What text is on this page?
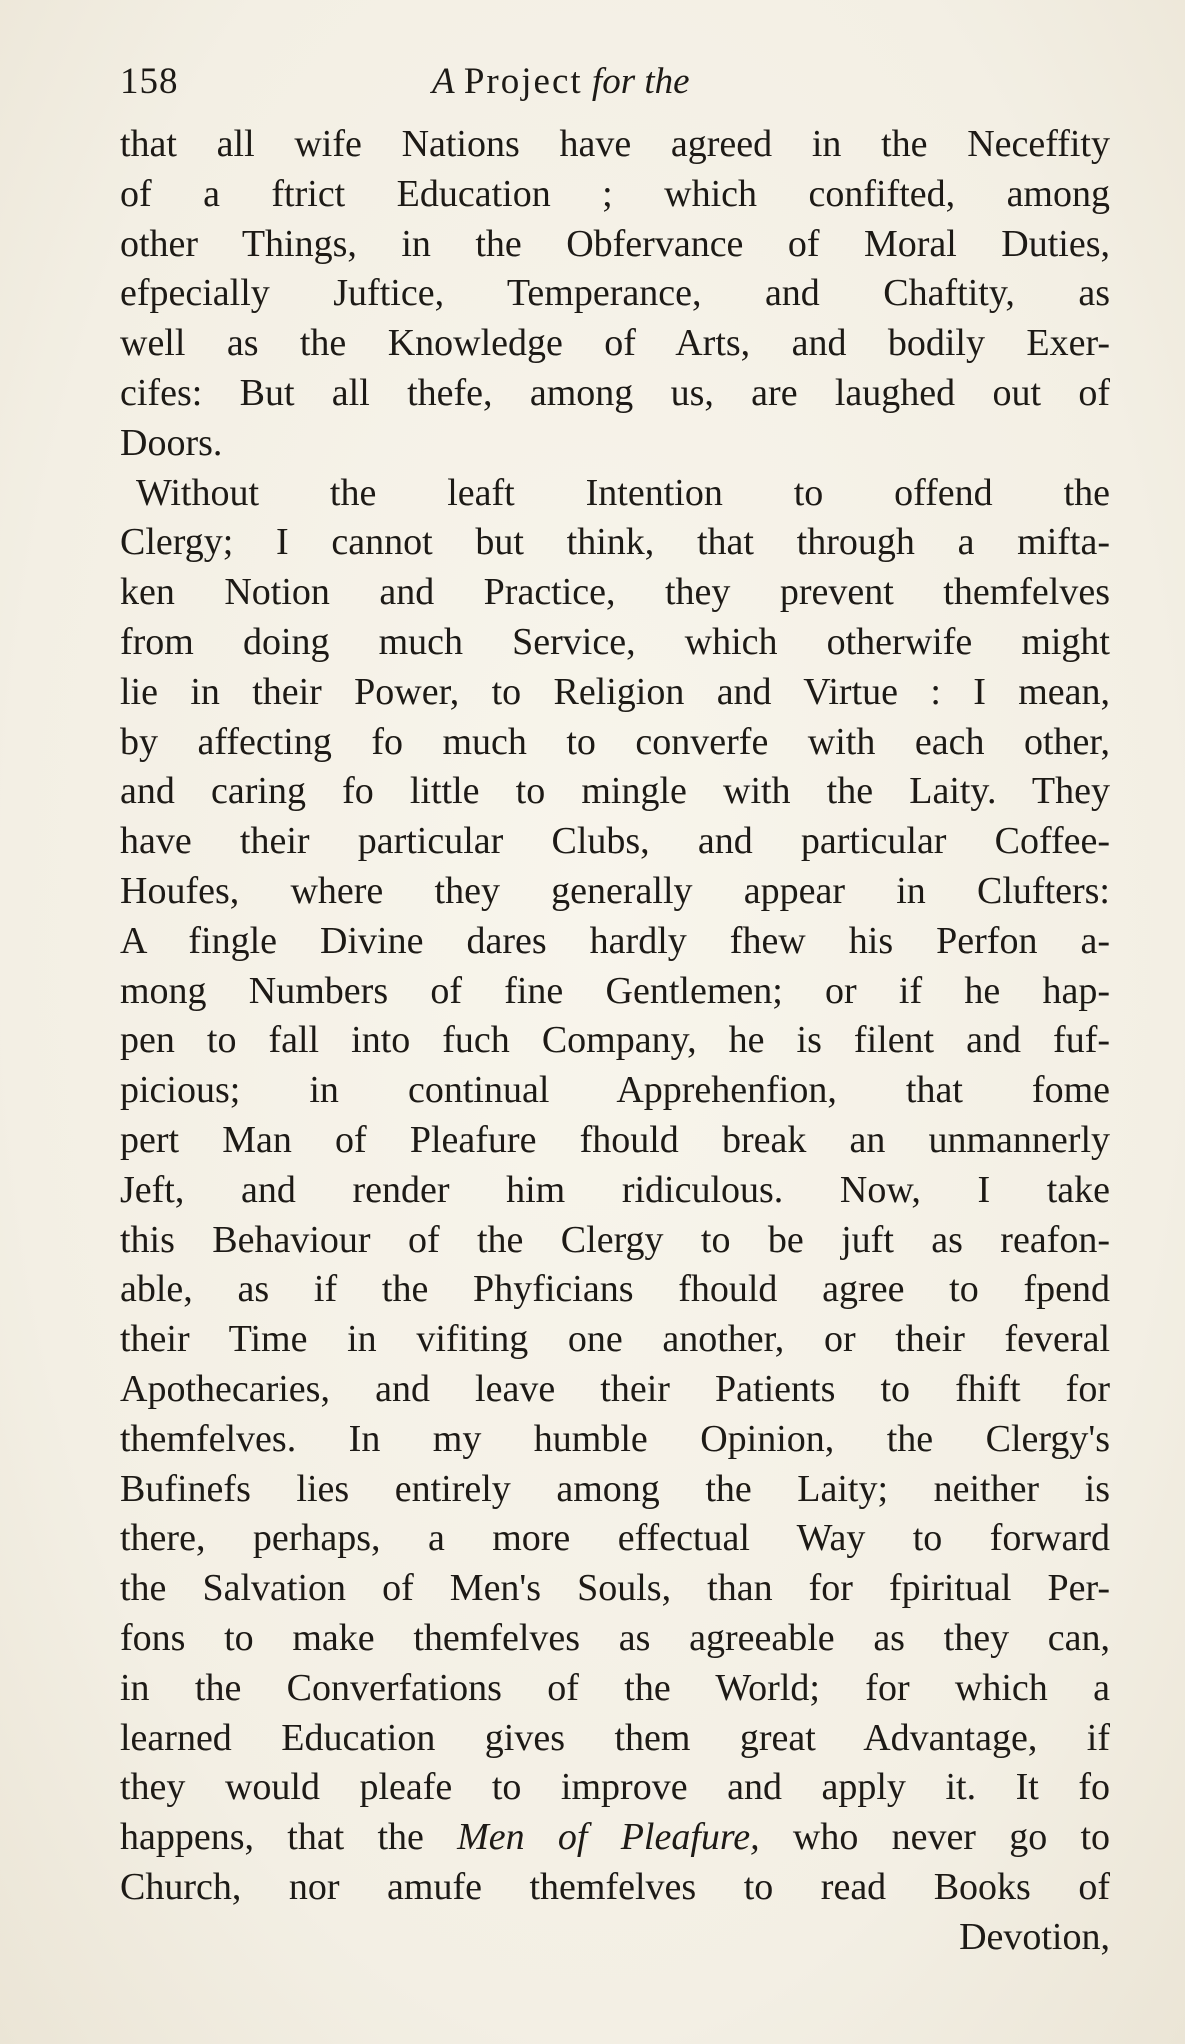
158	A Project for the
that all wife Nations have agreed in the Neceffity
of a ftrict Education ; which confifted, among
other Things, in the Obfervance of Moral Duties,
efpecially Juftice, Temperance, and Chaftity, as
well as the Knowledge of Arts, and bodily Exer-
cifes: But all thefe, among us, are laughed out of
Doors.
Without the leaft Intention to offend the
Clergy; I cannot but think, that through a mifta-
ken Notion and Practice, they prevent themfelves
from doing much Service, which otherwife might
lie in their Power, to Religion and Virtue : I mean,
by affecting fo much to converfe with each other,
and caring fo little to mingle with the Laity. They
have their particular Clubs, and particular Coffee-
Houfes, where they generally appear in Clufters:
A fingle Divine dares hardly fhew his Perfon a-
mong Numbers of fine Gentlemen; or if he hap-
pen to fall into fuch Company, he is filent and fuf-
picious; in continual Apprehenfion, that fome
pert Man of Pleafure fhould break an unmannerly
Jeft, and render him ridiculous. Now, I take
this Behaviour of the Clergy to be juft as reafon-
able, as if the Phyficians fhould agree to fpend
their Time in vifiting one another, or their feveral
Apothecaries, and leave their Patients to fhift for
themfelves. In my humble Opinion, the Clergy's
Bufinefs lies entirely among the Laity; neither is
there, perhaps, a more effectual Way to forward
the Salvation of Men's Souls, than for fpiritual Per-
fons to make themfelves as agreeable as they can,
in the Converfations of the World; for which a
learned Education gives them great Advantage, if
they would pleafe to improve and apply it. It fo
happens, that the Men of Pleafure, who never go to
Church, nor amufe themfelves to read Books of
Devotion,
